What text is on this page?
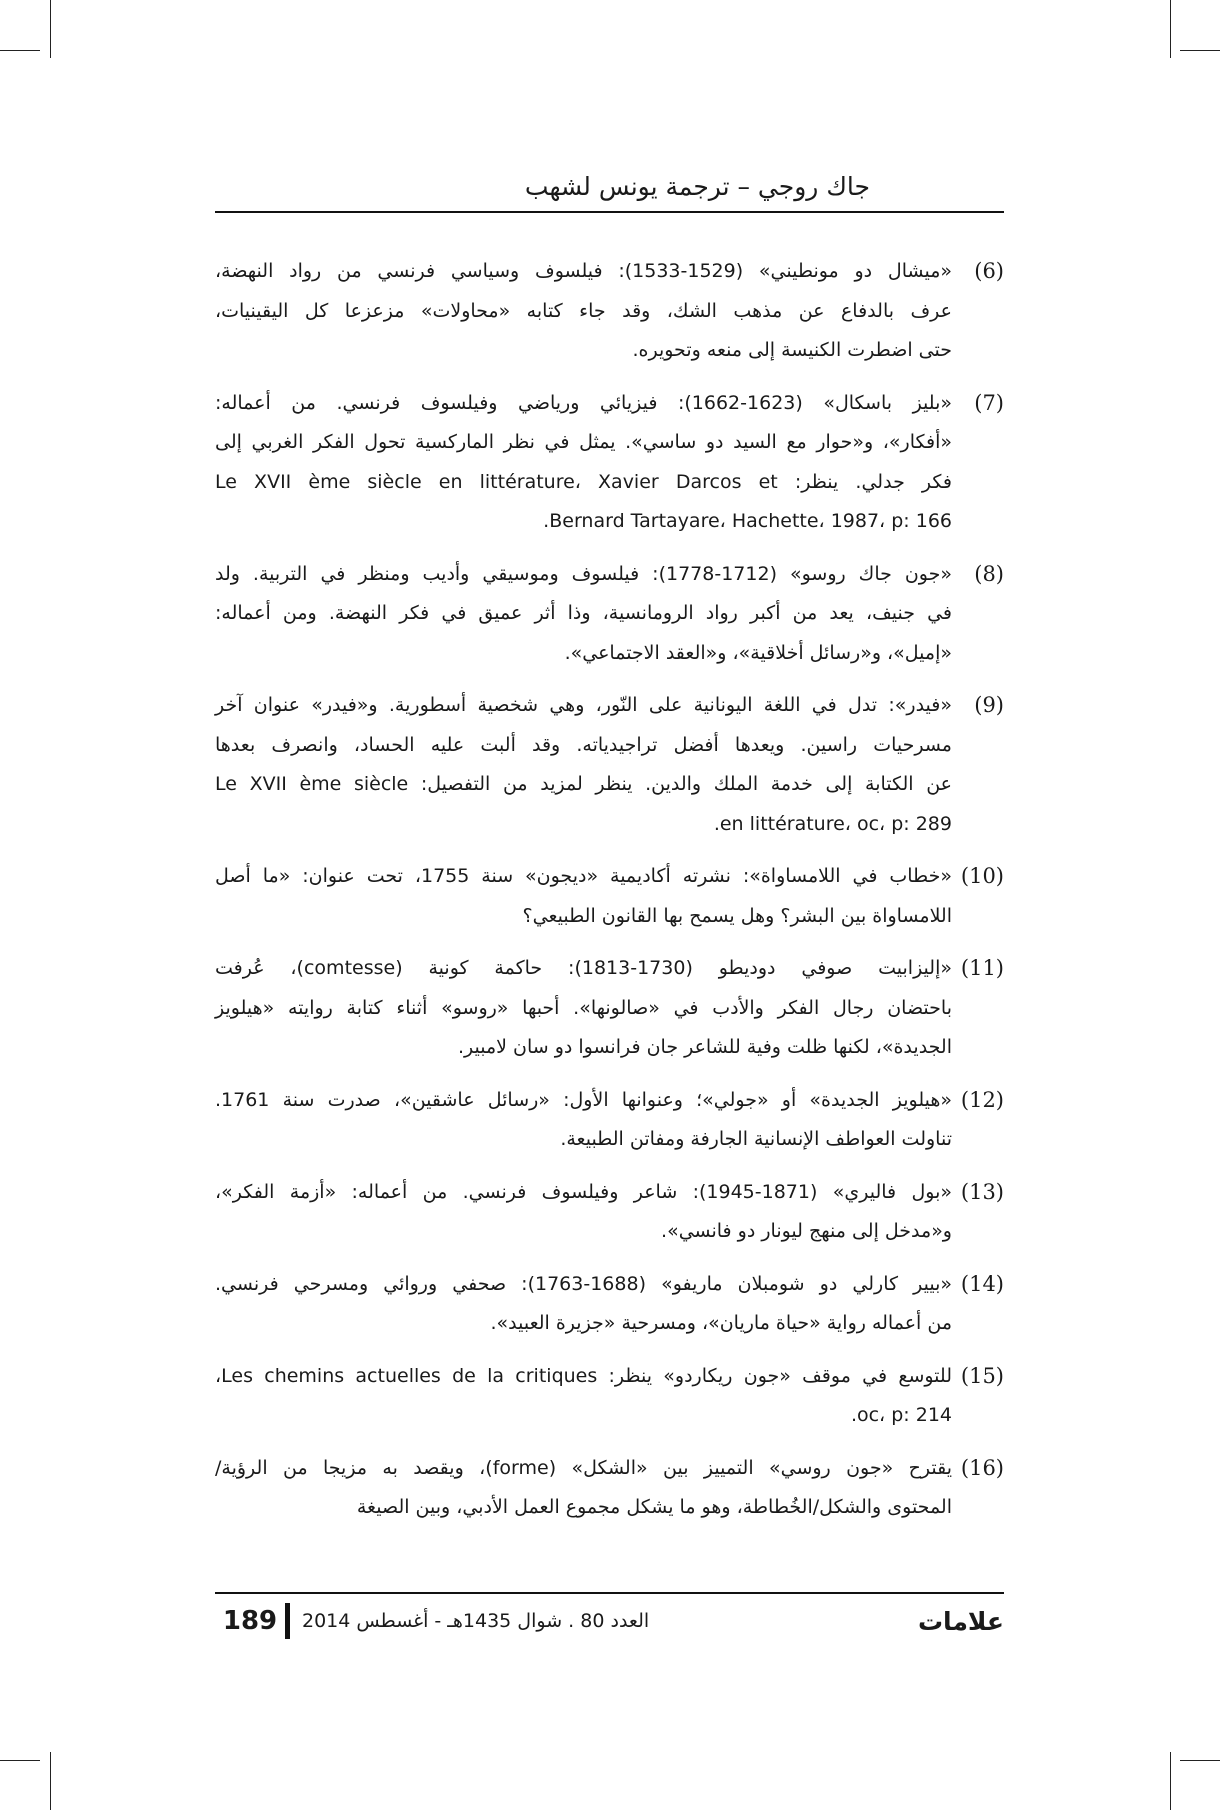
جاك روجي – ترجمة يونس لشهب
(6)
«ميشال دو مونطيني» (1529-1533): فيلسوف وسياسي فرنسي من رواد النهضة،
عرف بالدفاع عن مذهب الشك، وقد جاء كتابه «محاولات» مزعزعا كل اليقينيات،
حتى اضطرت الكنيسة إلى منعه وتحويره.
(7)
«بليز باسكال» (1623-1662): فيزيائي ورياضي وفيلسوف فرنسي. من أعماله:
«أفكار»، و«حوار مع السيد دو ساسي». يمثل في نظر الماركسية تحول الفكر الغربي إلى
فكر جدلي. ينظر: Le XVII ème siècle en littérature، Xavier Darcos et
Bernard Tartayare، Hachette، 1987، p: 166.
(8)
«جون جاك روسو» (1712-1778): فيلسوف وموسيقي وأديب ومنظر في التربية. ولد
في جنيف، يعد من أكبر رواد الرومانسية، وذا أثر عميق في فكر النهضة. ومن أعماله:
«إميل»، و«رسائل أخلاقية»، و«العقد الاجتماعي».
(9)
«فيدر»: تدل في اللغة اليونانية على النّور، وهي شخصية أسطورية. و«فيدر» عنوان آخر
مسرحيات راسين. ويعدها أفضل تراجيدياته. وقد ألبت عليه الحساد، وانصرف بعدها
عن الكتابة إلى خدمة الملك والدين. ينظر لمزيد من التفصيل: Le XVII ème siècle
en littérature، oc، p: 289.
(10)
«خطاب في اللامساواة»: نشرته أكاديمية «ديجون» سنة 1755، تحت عنوان: «ما أصل
اللامساواة بين البشر؟ وهل يسمح بها القانون الطبيعي؟
(11)
«إليزابيت صوفي دوديطو (1730-1813): حاكمة كونية (comtesse)، عُرفت
باحتضان رجال الفكر والأدب في «صالونها». أحبها «روسو» أثناء كتابة روايته «هيلويز
الجديدة»، لكنها ظلت وفية للشاعر جان فرانسوا دو سان لامبير.
(12)
«هيلويز الجديدة» أو «جولي»؛ وعنوانها الأول: «رسائل عاشقين»، صدرت سنة 1761.
تناولت العواطف الإنسانية الجارفة ومفاتن الطبيعة.
(13)
«بول فاليري» (1871-1945): شاعر وفيلسوف فرنسي. من أعماله: «أزمة الفكر»،
و«مدخل إلى منهج ليونار دو فانسي».
(14)
«بيير كارلي دو شومبلان ماريفو» (1688-1763): صحفي وروائي ومسرحي فرنسي.
من أعماله رواية «حياة ماريان»، ومسرحية «جزيرة العبيد».
(15)
للتوسع في موقف «جون ريكاردو» ينظر: Les chemins actuelles de la critiques،
oc، p: 214.
(16)
يقترح «جون روسي» التمييز بين «الشكل» (forme)، ويقصد به مزيجا من الرؤية/
المحتوى والشكل/الخُطاطة، وهو ما يشكل مجموع العمل الأدبي، وبين الصيغة
189	العدد 80 . شوال 1435هـ - أغسطس 2014	علامات
